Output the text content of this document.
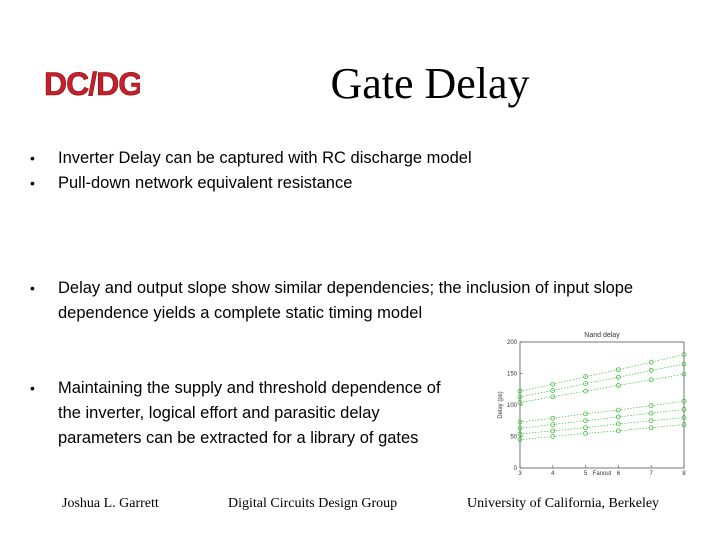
DC/DG	Gate Delay
• Inverter Delay can be captured with RC discharge model
• Pull-down network equivalent resistance
• Delay and output slope show similar dependencies; the inclusion of input slope dependence yields a complete static timing model
• Maintaining the supply and threshold dependence of the inverter, logical effort and parasitic delay parameters can be extracted for a library of gates
Nand delay
Fanout
Delay (ps)
0
50
100
150
200
3	4	5	6	7	8
Joshua L. Garrett	Digital Circuits Design Group	University of California, Berkeley
